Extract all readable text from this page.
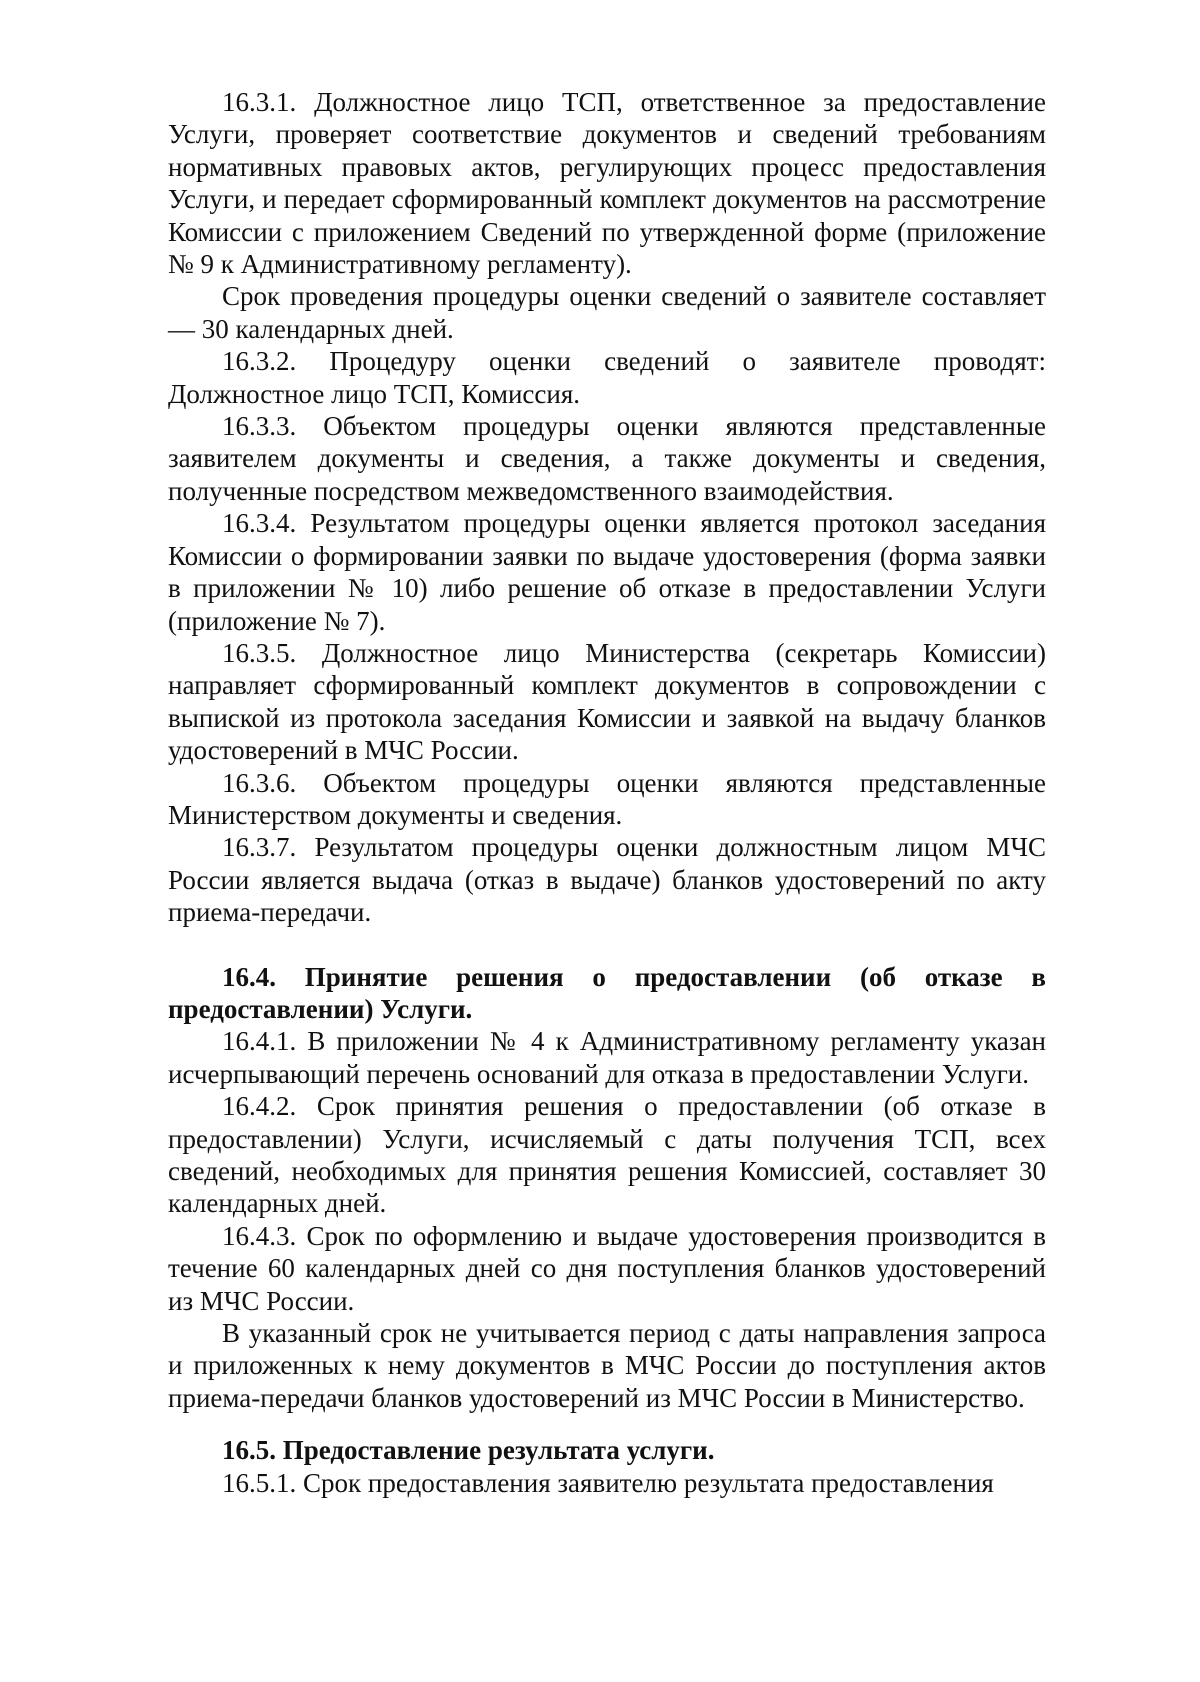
16.3.1. Должностное лицо ТСП, ответственное за предоставление Услуги, проверяет соответствие документов и сведений требованиям нормативных правовых актов, регулирующих процесс предоставления Услуги, и передает сформированный комплект документов на рассмотрение Комиссии с приложением Сведений по утвержденной форме (приложение № 9 к Административному регламенту).

Срок проведения процедуры оценки сведений о заявителе составляет — 30 календарных дней.

16.3.2. Процедуру оценки сведений о заявителе проводят: Должностное лицо ТСП, Комиссия.

16.3.3. Объектом процедуры оценки являются представленные заявителем документы и сведения, а также документы и сведения, полученные посредством межведомственного взаимодействия.

16.3.4. Результатом процедуры оценки является протокол заседания Комиссии о формировании заявки по выдаче удостоверения (форма заявки в приложении № 10) либо решение об отказе в предоставлении Услуги (приложение № 7).

16.3.5. Должностное лицо Министерства (секретарь Комиссии) направляет сформированный комплект документов в сопровождении с выпиской из протокола заседания Комиссии и заявкой на выдачу бланков удостоверений в МЧС России.

16.3.6. Объектом процедуры оценки являются представленные Министерством документы и сведения.

16.3.7. Результатом процедуры оценки должностным лицом МЧС России является выдача (отказ в выдаче) бланков удостоверений по акту приема-передачи.

16.4. Принятие решения о предоставлении (об отказе в предоставлении) Услуги.

16.4.1. В приложении № 4 к Административному регламенту указан исчерпывающий перечень оснований для отказа в предоставлении Услуги.

16.4.2. Срок принятия решения о предоставлении (об отказе в предоставлении) Услуги, исчисляемый с даты получения ТСП, всех сведений, необходимых для принятия решения Комиссией, составляет 30 календарных дней.

16.4.3. Срок по оформлению и выдаче удостоверения производится в течение 60 календарных дней со дня поступления бланков удостоверений из МЧС России.

В указанный срок не учитывается период с даты направления запроса и приложенных к нему документов в МЧС России до поступления актов приема-передачи бланков удостоверений из МЧС России в Министерство.

16.5. Предоставление результата услуги.

16.5.1. Срок предоставления заявителю результата предоставления
